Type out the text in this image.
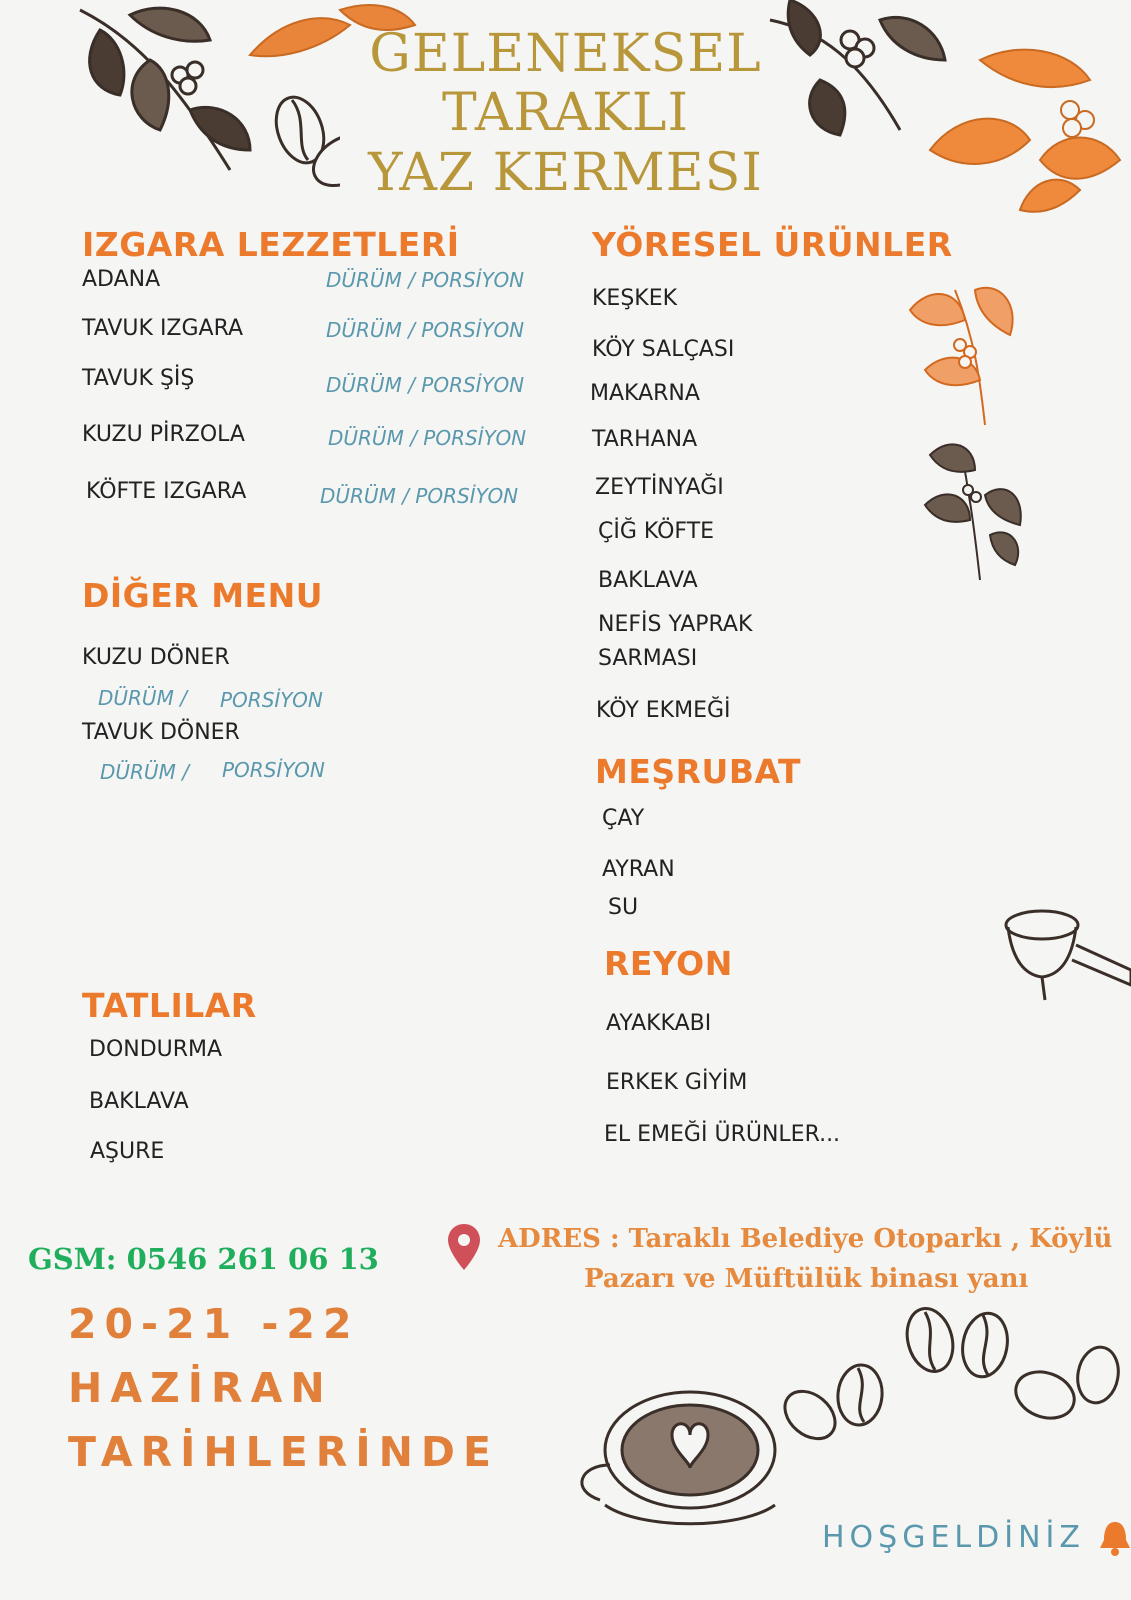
GELENEKSEL
TARAKLI
YAZ KERMESI
IZGARA LEZZETLERİ
ADANA	DÜRÜM / PORSİYON
TAVUK IZGARA	DÜRÜM / PORSİYON
TAVUK ŞİŞ	DÜRÜM / PORSİYON
KUZU PİRZOLA	DÜRÜM / PORSİYON
KÖFTE IZGARA	DÜRÜM / PORSİYON
DİĞER MENU
KUZU DÖNER
DÜRÜM / PORSİYON
TAVUK DÖNER
DÜRÜM / PORSİYON
TATLILAR
DONDURMA
BAKLAVA
AŞURE
YÖRESEL ÜRÜNLER
KEŞKEK
KÖY SALÇASI
MAKARNA
TARHANA
ZEYTİNYAĞI
ÇİĞ KÖFTE
BAKLAVA
NEFİS YAPRAK
SARMASI
KÖY EKMEĞİ
MEŞRUBAT
ÇAY
AYRAN
SU
REYON
AYAKKABI
ERKEK GİYİM
EL EMEĞİ ÜRÜNLER...
GSM: 0546 261 06 13
ADRES : Taraklı Belediye Otoparkı , Köylü
Pazarı ve Müftülük binası yanı
20-21 -22
HAZİRAN
TARİHLERİNDE
HOŞGELDİNİZ
